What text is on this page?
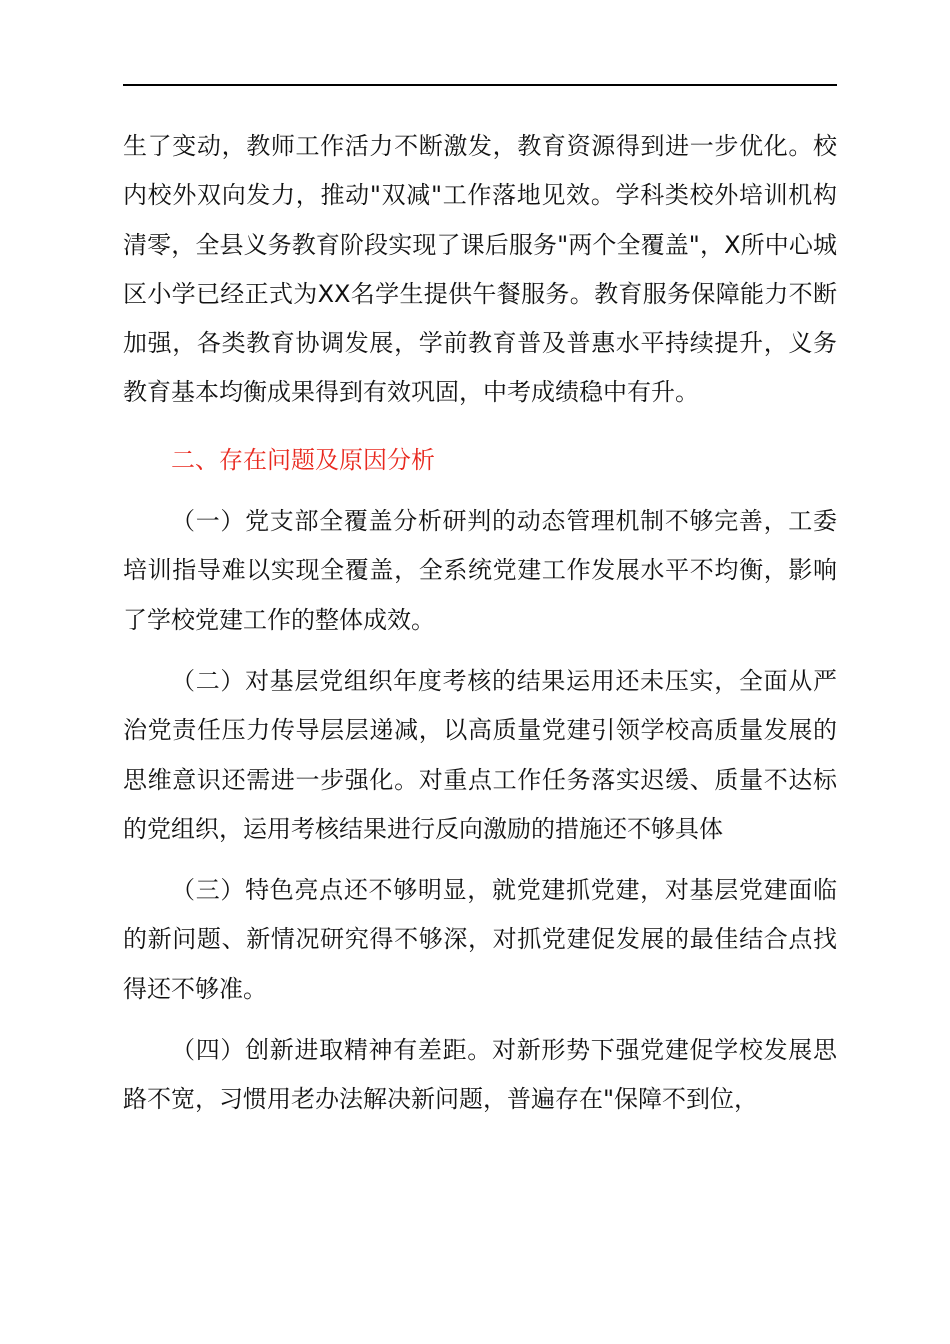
生了变动，教师工作活力不断激发，教育资源得到进一步优化。校内校外双向发力，推动"双减"工作落地见效。学科类校外培训机构清零，全县义务教育阶段实现了课后服务"两个全覆盖"，X所中心城区小学已经正式为XX名学生提供午餐服务。教育服务保障能力不断加强，各类教育协调发展，学前教育普及普惠水平持续提升，义务教育基本均衡成果得到有效巩固，中考成绩稳中有升。

二、存在问题及原因分析

（一）党支部全覆盖分析研判的动态管理机制不够完善，工委培训指导难以实现全覆盖，全系统党建工作发展水平不均衡，影响了学校党建工作的整体成效。

（二）对基层党组织年度考核的结果运用还未压实，全面从严治党责任压力传导层层递减，以高质量党建引领学校高质量发展的思维意识还需进一步强化。对重点工作任务落实迟缓、质量不达标的党组织，运用考核结果进行反向激励的措施还不够具体

（三）特色亮点还不够明显，就党建抓党建，对基层党建面临的新问题、新情况研究得不够深，对抓党建促发展的最佳结合点找得还不够准。

（四）创新进取精神有差距。对新形势下强党建促学校发展思路不宽，习惯用老办法解决新问题，普遍存在"保障不到位，
